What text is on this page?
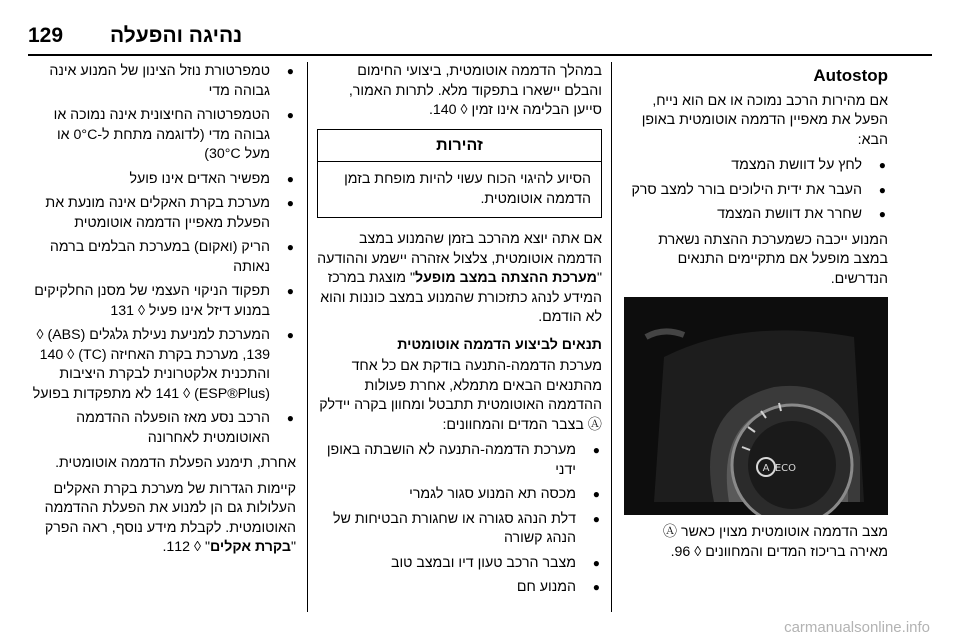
129 נהיגה והפעלה
Autostop

אם מהירות הרכב נמוכה או אם הוא נייח, הפעל את מאפיין הדממה אוטומטית באופן הבא:

● לחץ על דוושת המצמד
● העבר את ידית הילוכים בורר למצב סרק
● שחרר את דוושת המצמד

המנוע ייכבה כשמערכת ההצתה נשארת במצב מופעל אם מתקיימים התנאים הנדרשים.

A ECO

מצב הדממה אוטומטית מצוין כאשר Ⓐ מאירה בריכוז המדים והמחוונים ◊ 96.

במהלך הדממה אוטומטית, ביצועי החימום והבלם יישארו בתפקוד מלא. לתרות האמור, סייען הבלימה אינו זמין ◊ 140.

זהירות
הסיוע להיגוי הכוח עשוי להיות מופחת בזמן הדממה אוטומטית.

אם אתה יוצא מהרכב בזמן שהמנוע במצב הדממה אוטומטית, צלצול אזהרה יישמע וההודעה "מערכת ההצתה במצב מופעל" מוצגת במרכז המידע לנהג כתזכורת שהמנוע במצב כוננות והוא לא הודמם.

תנאים לביצוע הדממה אוטומטית

מערכת הדממה-התנעה בודקת אם כל אחד מהתנאים הבאים מתמלא, אחרת פעולות ההדממה האוטומטית תתבטל ומחוון בקרה יידלק Ⓐ בצבר המדים והמחוונים:

● מערכת הדממה-התנעה לא הושבתה באופן ידני
● מכסה תא המנוע סגור לגמרי
● דלת הנהג סגורה או שחגורת הבטיחות של הנהג קשורה
● מצבר הרכב טעון דיו ובמצב טוב
● המנוע חם
● טמפרטורת נוזל הצינון של המנוע אינה גבוהה מדי
● הטמפרטורה החיצונית אינה נמוכה או גבוהה מדי (לדוגמה מתחת ל-0°C או מעל 30°C)
● מפשיר האדים אינו פועל
● מערכת בקרת האקלים אינה מונעת את הפעלת מאפיין הדממה אוטומטית
● הריק (ואקום) במערכת הבלמים ברמה נאותה
● תפקוד הניקוי העצמי של מסנן החלקיקים במנוע דיזל אינו פעיל ◊ 131
● המערכת למניעת נעילת גלגלים (ABS) ◊ 139, מערכת בקרת האחיזה (TC) ◊ 140 והתכנית אלקטרונית לבקרת היציבות (ESP®Plus) ◊ 141 לא מתפקדות בפועל
● הרכב נסע מאז הופעלה ההדממה האוטומטית לאחרונה

אחרת, תימנע הפעלת הדממה אוטומטית.

קיימות הגדרות של מערכת בקרת האקלים העלולות גם הן למנוע את הפעלת ההדממה האוטומטית. לקבלת מידע נוסף, ראה הפרק "בקרת אקלים" ◊ 112.

carmanualsonline.info
